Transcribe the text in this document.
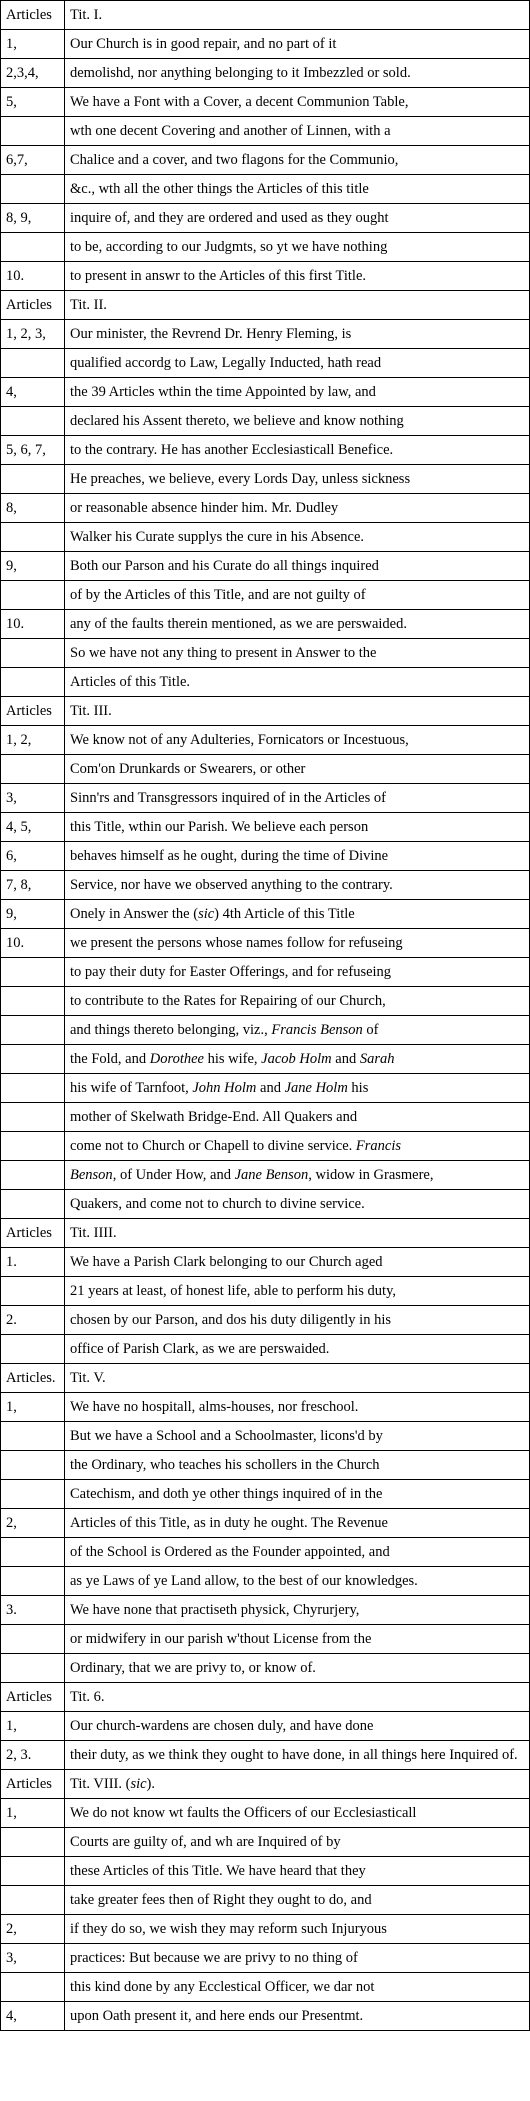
Articles	Tit. I.
1,	Our Church is in good repair, and no part of it
2,3,4,	demolishd, nor anything belonging to it Imbezzled or sold.
5,	We have a Font with a Cover, a decent Communion Table,
	wth one decent Covering and another of Linnen, with a
6,7,	Chalice and a cover, and two flagons for the Communio,
	&c., wth all the other things the Articles of this title
8, 9,	inquire of, and they are ordered and used as they ought
	to be, according to our Judgmts, so yt we have nothing
10.	to present in answr to the Articles of this first Title.
Articles	Tit. II.
1, 2, 3,	Our minister, the Revrend Dr. Henry Fleming, is
	qualified accordg to Law, Legally Inducted, hath read
4,	the 39 Articles wthin the time Appointed by law, and
	declared his Assent thereto, we believe and know nothing
5, 6, 7,	to the contrary. He has another Ecclesiasticall Benefice.
	He preaches, we believe, every Lords Day, unless sickness
8,	or reasonable absence hinder him. Mr. Dudley
	Walker his Curate supplys the cure in his Absence.
9,	Both our Parson and his Curate do all things inquired
	of by the Articles of this Title, and are not guilty of
10.	any of the faults therein mentioned, as we are perswaided.
	So we have not any thing to present in Answer to the
	Articles of this Title.
Articles	Tit. III.
1, 2,	We know not of any Adulteries, Fornicators or Incestuous,
	Com'on Drunkards or Swearers, or other
3,	Sinn'rs and Transgressors inquired of in the Articles of
4, 5,	this Title, wthin our Parish. We believe each person
6,	behaves himself as he ought, during the time of Divine
7, 8,	Service, nor have we observed anything to the contrary.
9,	Onely in Answer the (sic) 4th Article of this Title
10.	we present the persons whose names follow for refuseing
	to pay their duty for Easter Offerings, and for refuseing
	to contribute to the Rates for Repairing of our Church,
	and things thereto belonging, viz., Francis Benson of
	the Fold, and Dorothee his wife, Jacob Holm and Sarah
	his wife of Tarnfoot, John Holm and Jane Holm his
	mother of Skelwath Bridge-End. All Quakers and
	come not to Church or Chapell to divine service. Francis
	Benson, of Under How, and Jane Benson, widow in Grasmere,
	Quakers, and come not to church to divine service.
Articles	Tit. IIII.
1.	We have a Parish Clark belonging to our Church aged
	21 years at least, of honest life, able to perform his duty,
2.	chosen by our Parson, and dos his duty diligently in his
	office of Parish Clark, as we are perswaided.
Articles.	Tit. V.
1,	We have no hospitall, alms-houses, nor freschool.
	But we have a School and a Schoolmaster, licons'd by
	the Ordinary, who teaches his schollers in the Church
	Catechism, and doth ye other things inquired of in the
2,	Articles of this Title, as in duty he ought. The Revenue
	of the School is Ordered as the Founder appointed, and
	as ye Laws of ye Land allow, to the best of our knowledges.
3.	We have none that practiseth physick, Chyrurjery,
	or midwifery in our parish w'thout License from the
	Ordinary, that we are privy to, or know of.
Articles	Tit. 6.
1,	Our church-wardens are chosen duly, and have done
2, 3.	their duty, as we think they ought to have done, in all things here Inquired of.
Articles	Tit. VIII. (sic).
1,	We do not know wt faults the Officers of our Ecclesiasticall
	Courts are guilty of, and wh are Inquired of by
	these Articles of this Title. We have heard that they
	take greater fees then of Right they ought to do, and
2,	if they do so, we wish they may reform such Injuryous
3,	practices: But because we are privy to no thing of
	this kind done by any Ecclestical Officer, we dar not
4,	upon Oath present it, and here ends our Presentmt.
